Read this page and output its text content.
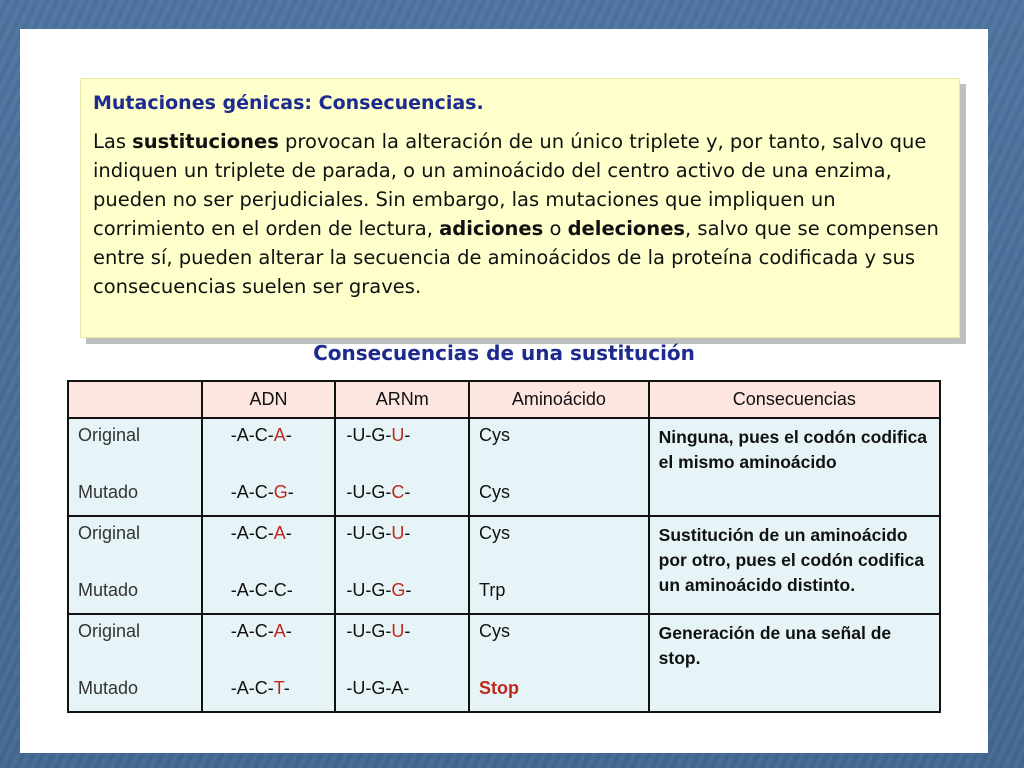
Mutaciones génicas: Consecuencias.
Las sustituciones provocan la alteración de un único triplete y, por tanto, salvo que indiquen un triplete de parada, o un aminoácido del centro activo de una enzima, pueden no ser perjudiciales. Sin embargo, las mutaciones que impliquen un corrimiento en el orden de lectura, adiciones o deleciones, salvo que se compensen entre sí, pueden alterar la secuencia de aminoácidos de la proteína codificada y sus consecuencias suelen ser graves.
Consecuencias de una sustitución
	ADN	ARNm	Aminoácido	Consecuencias
Original	-A-C-A-	-U-G-U-	Cys	Ninguna, pues el codón codifica el mismo aminoácido
Mutado	-A-C-G-	-U-G-C-	Cys	
Original	-A-C-A-	-U-G-U-	Cys	Sustitución de un aminoácido por otro, pues el codón codifica un aminoácido distinto.
Mutado	-A-C-C-	-U-G-G-	Trp	
Original	-A-C-A-	-U-G-U-	Cys	Generación de una señal de stop.
Mutado	-A-C-T-	-U-G-A-	Stop	
